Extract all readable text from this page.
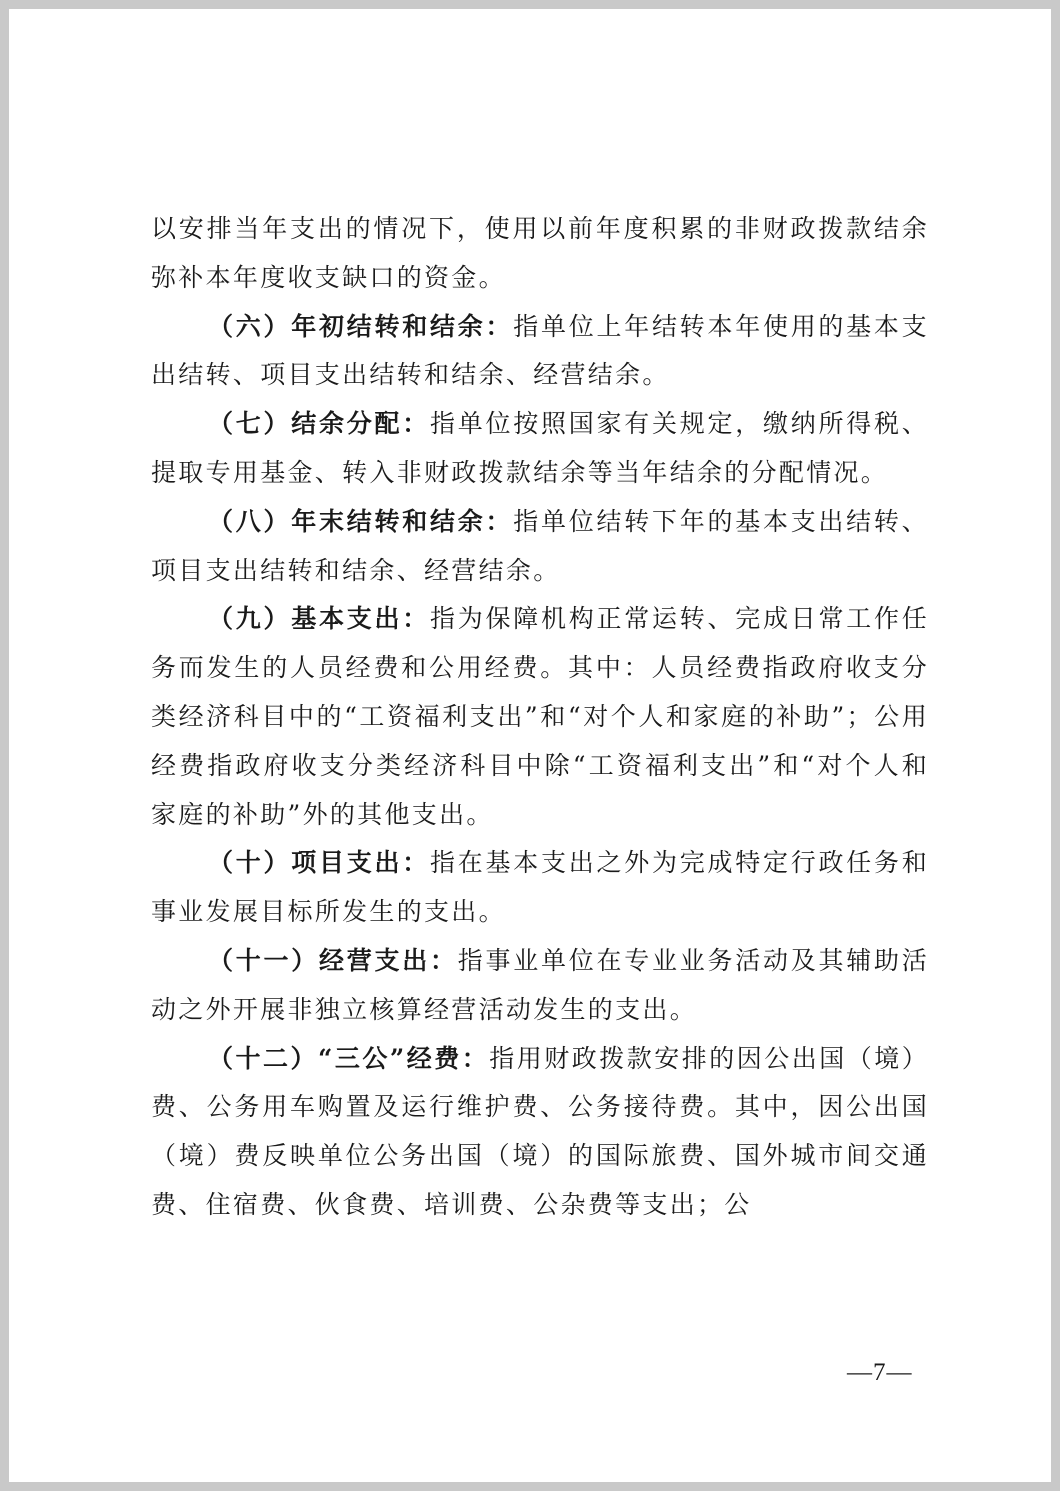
以安排当年支出的情况下，使用以前年度积累的非财政拨款结余弥补本年度收支缺口的资金。

（六）年初结转和结余：指单位上年结转本年使用的基本支出结转、项目支出结转和结余、经营结余。

（七）结余分配：指单位按照国家有关规定，缴纳所得税、提取专用基金、转入非财政拨款结余等当年结余的分配情况。

（八）年末结转和结余：指单位结转下年的基本支出结转、项目支出结转和结余、经营结余。

（九）基本支出：指为保障机构正常运转、完成日常工作任务而发生的人员经费和公用经费。其中：人员经费指政府收支分类经济科目中的“工资福利支出”和“对个人和家庭的补助”；公用经费指政府收支分类经济科目中除“工资福利支出”和“对个人和家庭的补助”外的其他支出。

（十）项目支出：指在基本支出之外为完成特定行政任务和事业发展目标所发生的支出。

（十一）经营支出：指事业单位在专业业务活动及其辅助活动之外开展非独立核算经营活动发生的支出。

（十二）“三公”经费：指用财政拨款安排的因公出国（境）费、公务用车购置及运行维护费、公务接待费。其中，因公出国（境）费反映单位公务出国（境）的国际旅费、国外城市间交通费、住宿费、伙食费、培训费、公杂费等支出；公

—7—
